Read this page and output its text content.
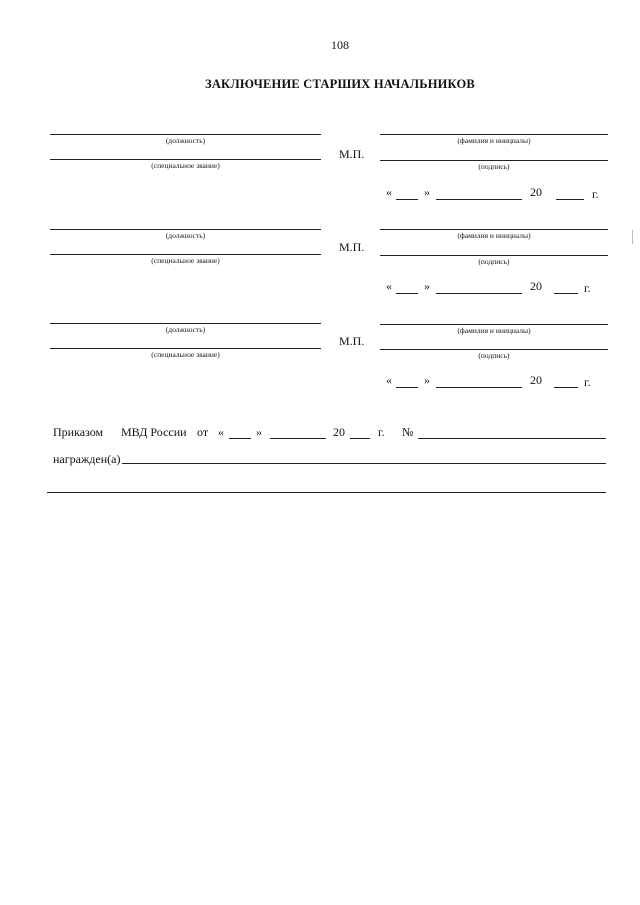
108
ЗАКЛЮЧЕНИЕ СТАРШИХ НАЧАЛЬНИКОВ
(должность)
(специальное звание)
М.П.
(фамилия и инициалы)
(подпись)
«	»	20	г.
(должность)
(специальное звание)
М.П.
(фамилия и инициалы)
(подпись)
«	»	20	г.
(должность)
(специальное звание)
М.П.
(фамилия и инициалы)
(подпись)
«	»	20	г.
Приказом МВД России от «	»	20	г. №
награжден(а)
